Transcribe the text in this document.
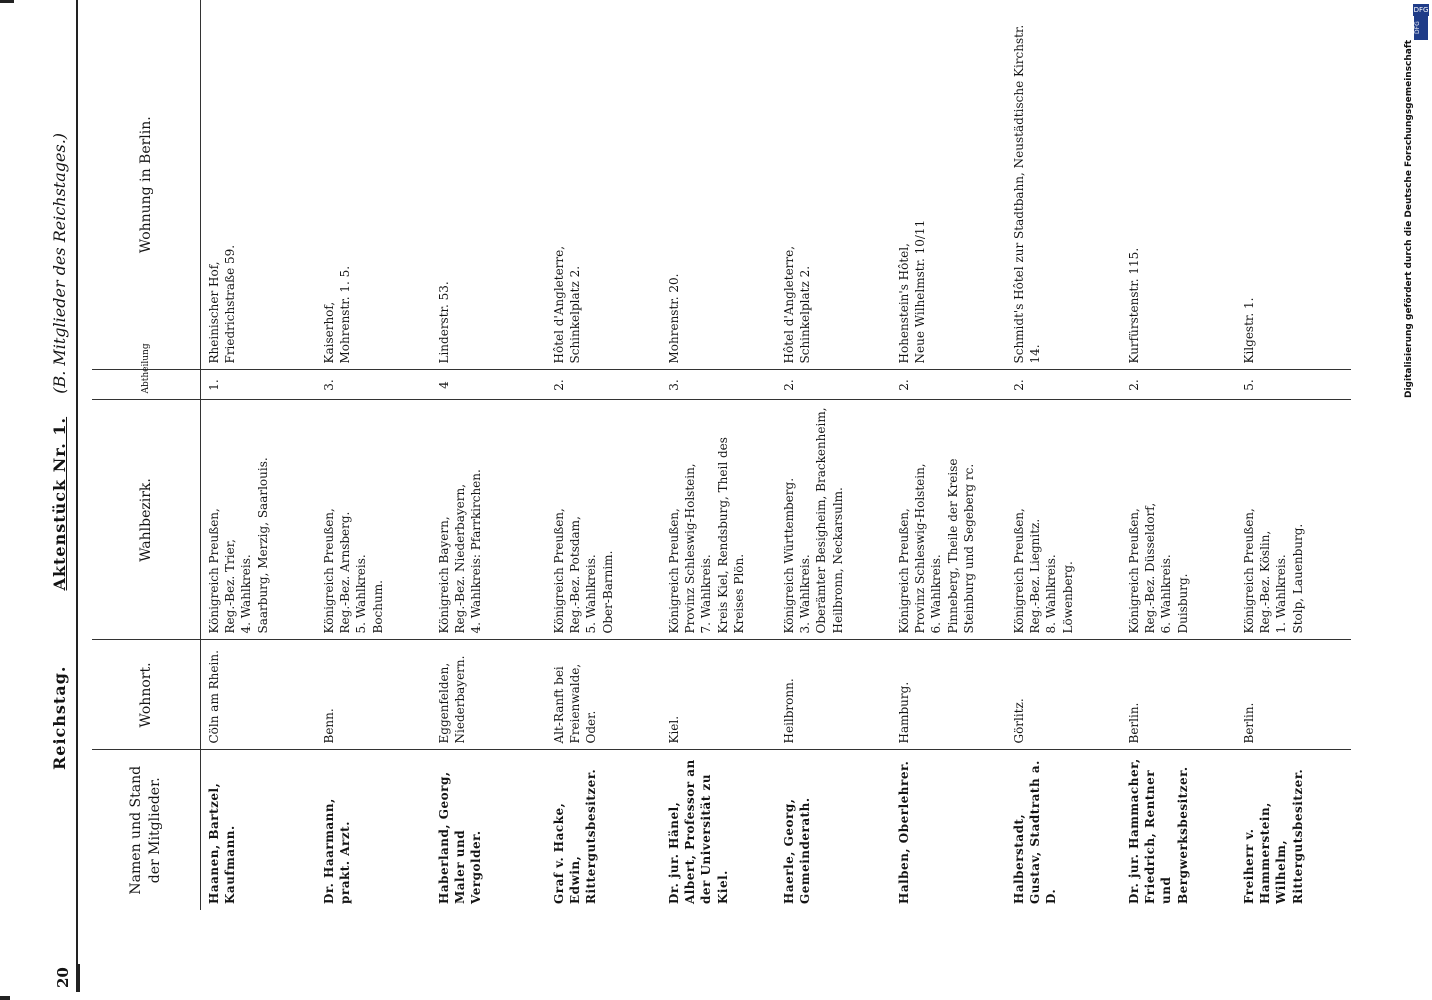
20
Reichstag. Aktenstück Nr. 1. (B. Mitglieder des Reichstages.)
Namen und Stand der Mitglieder.	Wohnort.	Wahlbezirk.	Abtheilung	Wohnung in Berlin.
Haanen, Bartzel, Kaufmann.	Cöln am Rhein.	Königreich Preußen,
Reg.-Bez. Trier,
4. Wahlkreis.
Saarburg, Merzig, Saarlouis.	1.	Rheinischer Hof,
Friedrichstraße 59.
Dr. Haarmann, prakt. Arzt.	Benn.	Königreich Preußen,
Reg.-Bez. Arnsberg.
5. Wahlkreis.
Bochum.	3.	Kaiserhof,
Mohrenstr. 1. 5.
Haberland, Georg, Maler und Vergolder.	Eggenfelden, Niederbayern.	Königreich Bayern,
Reg.-Bez. Niederbayern,
4. Wahlkreis: Pfarrkirchen.	4	Linderstr. 53.
Graf v. Hacke, Edwin, Rittergutsbesitzer.	Alt-Ranft bei Freienwalde, Oder.	Königreich Preußen,
Reg.-Bez. Potsdam,
5. Wahlkreis.
Ober-Barnim.	2.	Hôtel d'Angleterre,
Schinkelplatz 2.
Dr. jur. Hänel, Albert, Professor an der Universität zu Kiel.	Kiel.	Königreich Preußen,
Provinz Schleswig-Holstein,
7. Wahlkreis.
Kreis Kiel, Rendsburg, Theil des Kreises Plön.	3.	Mohrenstr. 20.
Haerle, Georg, Gemeinderath.	Heilbronn.	Königreich Württemberg.
3. Wahlkreis.
Oberämter Besigheim, Brackenheim, Heilbronn, Neckarsulm.	2.	Hôtel d'Angleterre,
Schinkelplatz 2.
Halben, Oberlehrer.	Hamburg.	Königreich Preußen,
Provinz Schleswig-Holstein,
6. Wahlkreis.
Pinneberg, Theile der Kreise Steinburg und Segeberg rc.	2.	Hohenstein's Hôtel,
Neue Wilhelmstr. 10/11
Halberstadt, Gustav, Stadtrath a. D.	Görlitz.	Königreich Preußen,
Reg.-Bez. Liegnitz.
8. Wahlkreis.
Löwenberg.	2.	Schmidt's Hôtel zur Stadtbahn, Neustädtische Kirchstr. 14.
Dr. jur. Hammacher, Friedrich, Rentner und Bergwerksbesitzer.	Berlin.	Königreich Preußen,
Reg.-Bez. Düsseldorf,
6. Wahlkreis.
Duisburg.	2.	Kurfürstenstr. 115.
Freiherr v. Hammerstein, Wilhelm, Rittergutsbesitzer.	Berlin.	Königreich Preußen,
Reg.-Bez. Köslin,
1. Wahlkreis.
Stolp, Lauenburg.	5.	Kilgestr. 1.
DFG
DFG
Digitalisierung gefördert durch die Deutsche Forschungsgemeinschaft
